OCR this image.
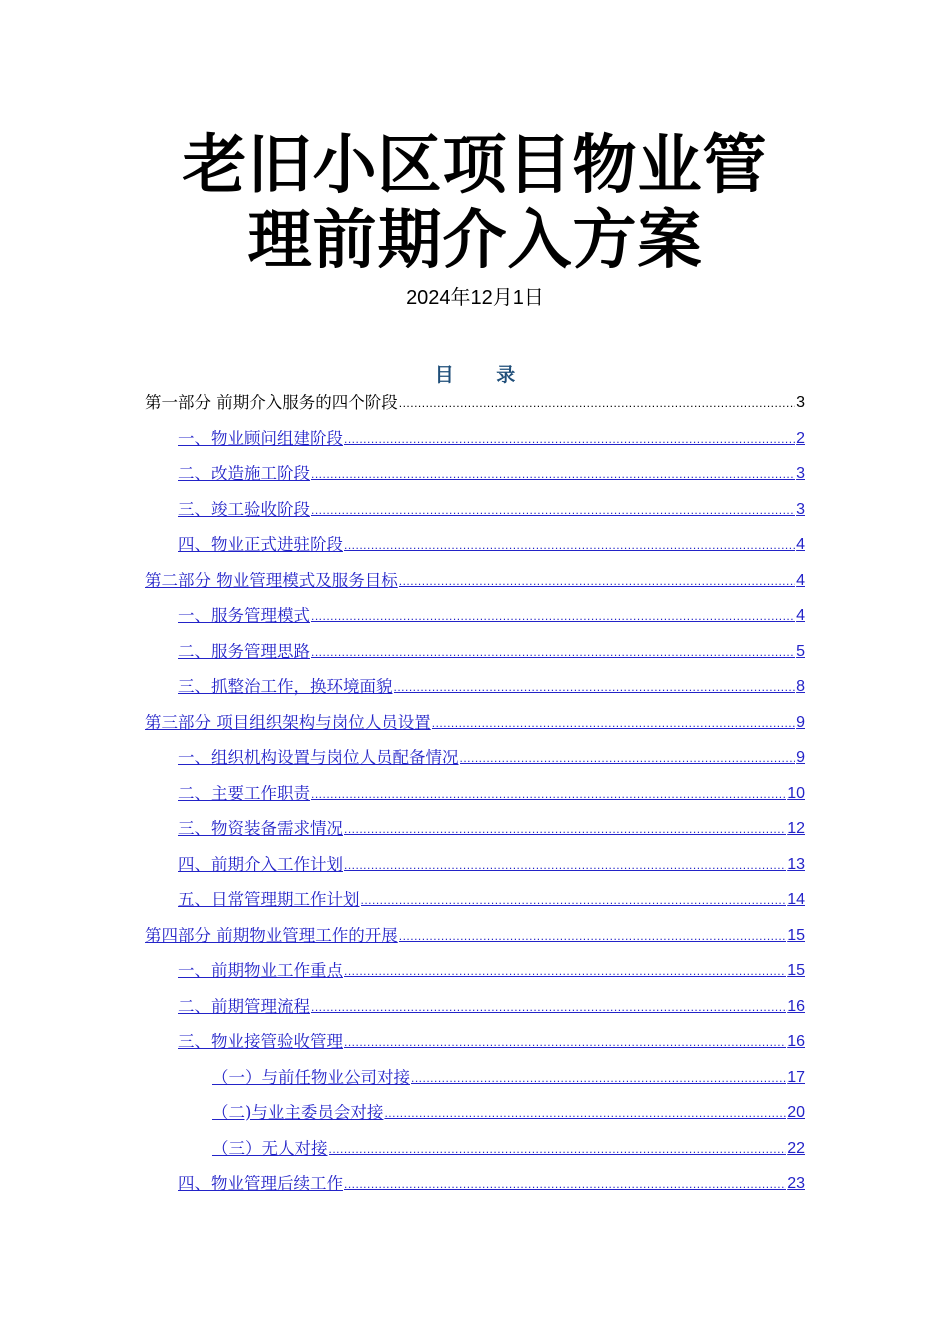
老旧小区项目物业管
理前期介入方案
2024年12月1日
目 录
第一部分 前期介入服务的四个阶段 .....	3
一、物业顾问组建阶段 .....	2
二、改造施工阶段 .....	3
三、竣工验收阶段 .....	3
四、物业正式进驻阶段 .....	4
第二部分 物业管理模式及服务目标 .....	4
一、服务管理模式 .....	4
二、服务管理思路 .....	5
三、抓整治工作，换环境面貌 .....	8
第三部分 项目组织架构与岗位人员设置 .....	9
一、组织机构设置与岗位人员配备情况 .....	9
二、主要工作职责 .....	10
三、物资装备需求情况 .....	12
四、前期介入工作计划 .....	13
五、日常管理期工作计划 .....	14
第四部分 前期物业管理工作的开展 .....	15
一、前期物业工作重点 .....	15
二、前期管理流程 .....	16
三、物业接管验收管理 .....	16
（一）与前任物业公司对接 .....	17
（二)与业主委员会对接 .....	20
（三）无人对接 .....	22
四、物业管理后续工作 .....	23
